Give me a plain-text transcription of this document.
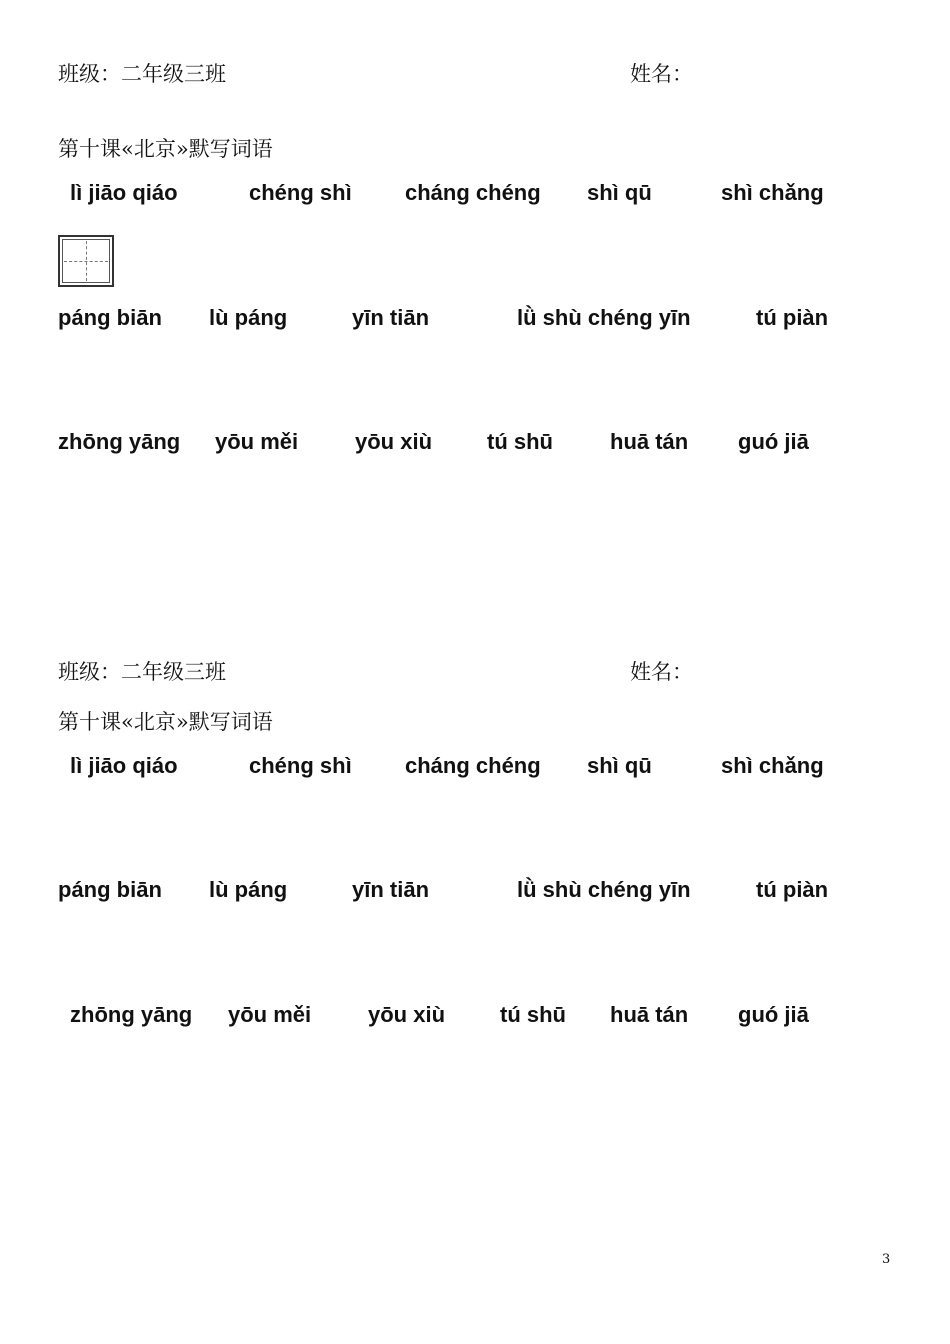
班级：二年级三班	姓名：
第十课«北京»默写词语
lì jiāo qiáo	chéng shì cháng chéng shì qū	shì chǎng
páng biān lù páng	yīn tiān	lǜ shù chéng yīn	tú piàn
zhōng yāng yōu měi	yōu xiù tú shū	huā tán guó jiā
班级：二年级三班	姓名：
第十课«北京»默写词语
lì jiāo qiáo	chéng shì cháng chéng shì qū	shì chǎng
páng biān lù páng	yīn tiān	lǜ shù chéng yīn	tú piàn
zhōng yāng yōu měi	yōu xiù tú shū huā tán guó jiā
3
